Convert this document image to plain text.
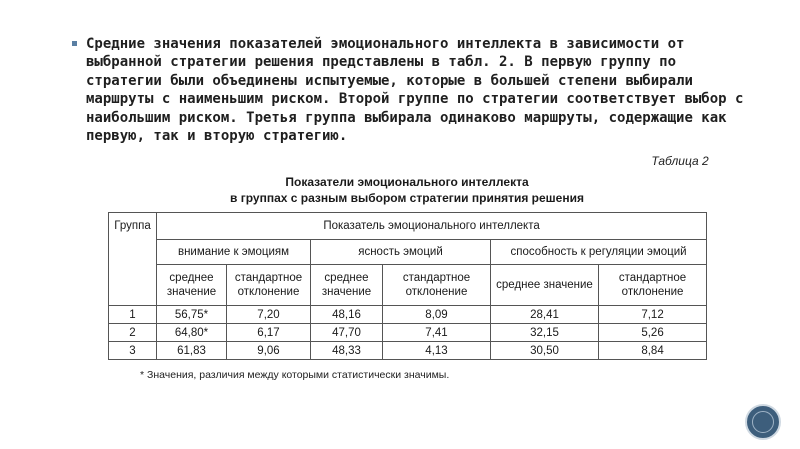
Средние значения показателей эмоционального интеллекта в зависимости от выбранной стратегии решения представлены в табл. 2. В первую группу по стратегии были объединены испытуемые, которые в большей степени выбирали маршруты с наименьшим риском. Второй группе по стратегии соответствует выбор с наибольшим риском. Третья группа выбирала одинаково маршруты, содержащие как первую, так и вторую стратегию.

Таблица 2
Показатели эмоционального интеллекта
в группах с разным выбором стратегии принятия решения
Группа	Показатель эмоционального интеллекта					
	внимание к эмоциям		ясность эмоций		способность к регуляции эмоций	
	среднее значение	стандартное отклонение	среднее значение	стандартное отклонение	среднее значение	стандартное отклонение
1	56,75*	7,20	48,16	8,09	28,41	7,12
2	64,80*	6,17	47,70	7,41	32,15	5,26
3	61,83	9,06	48,33	4,13	30,50	8,84
* Значения, различия между которыми статистически значимы.
